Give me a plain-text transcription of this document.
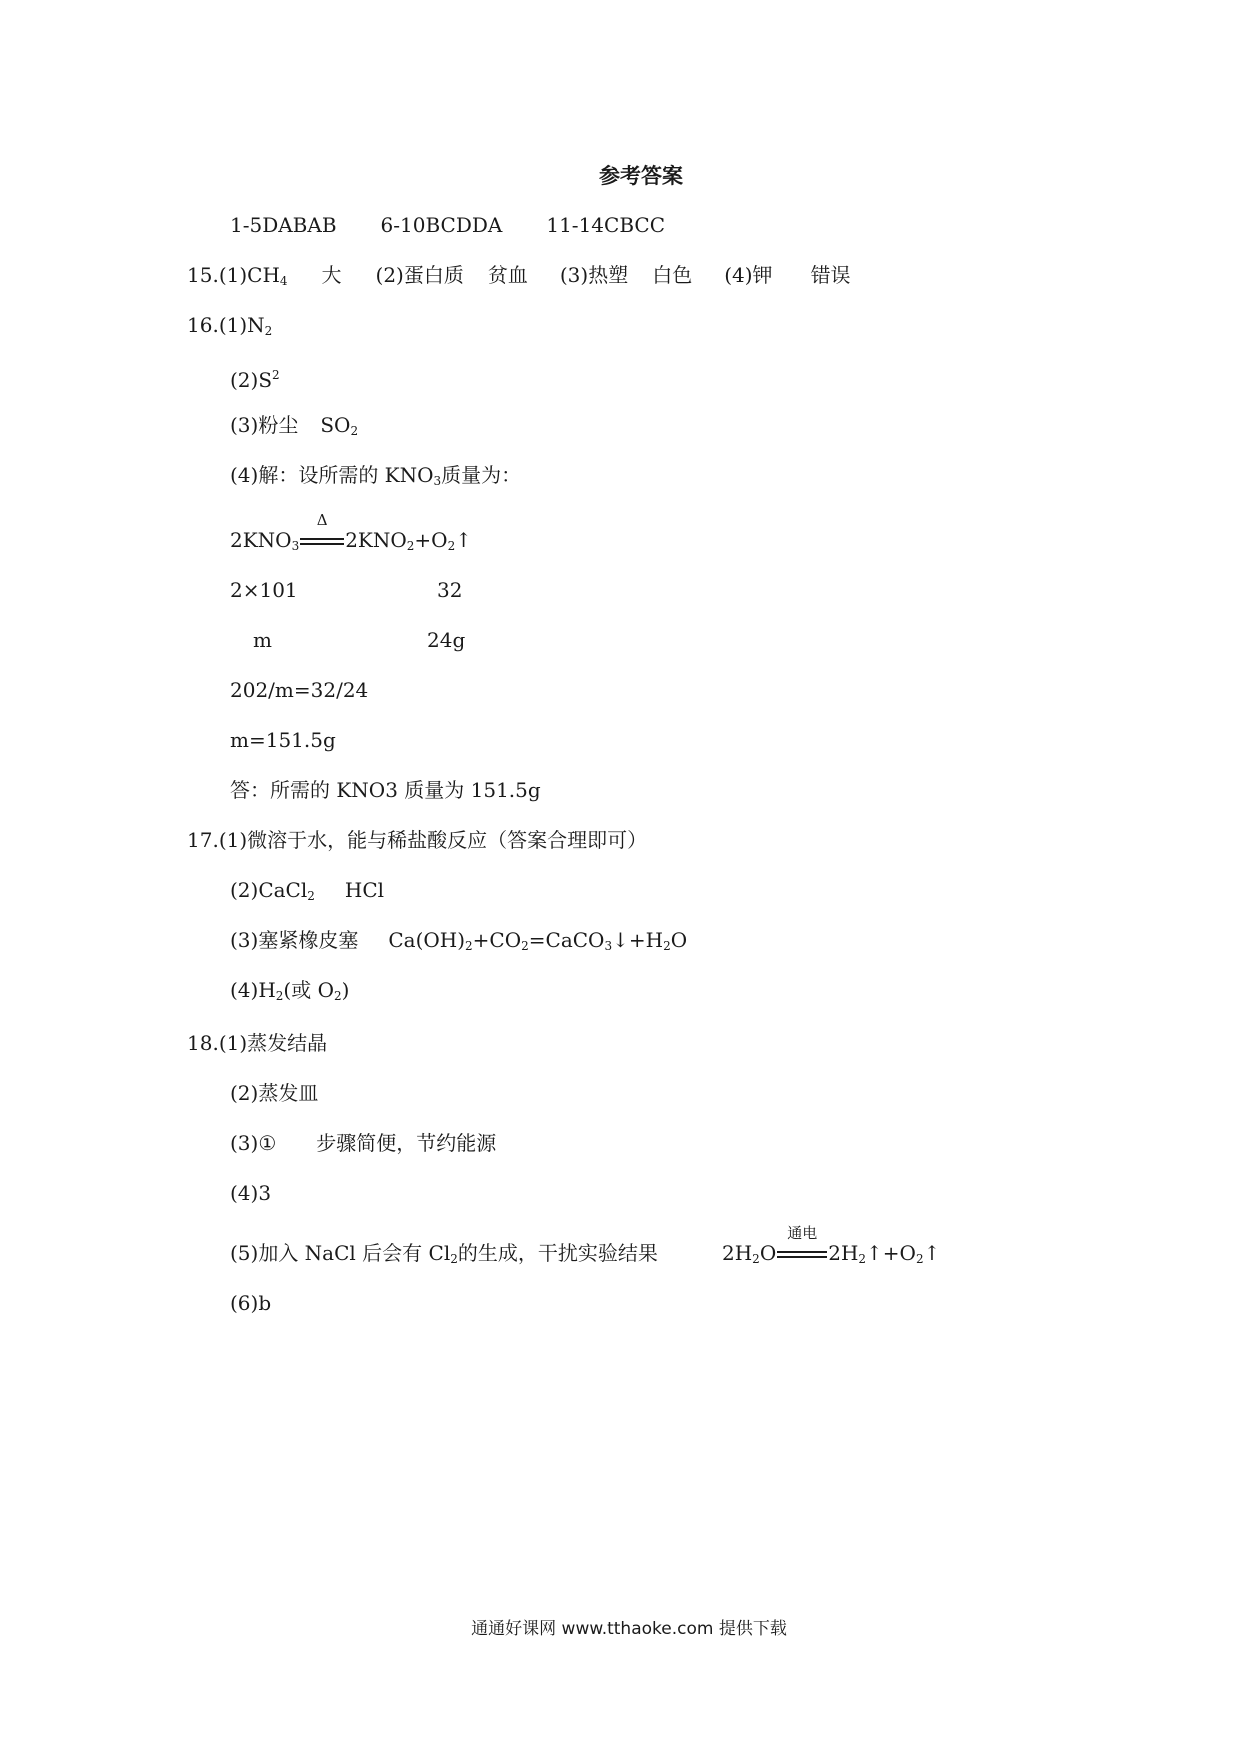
参考答案
1-5DABAB 6-10BCDDA 11-14CBCC
$15.(1)CH_4$ 大 (2)蛋白质 贫血 (3)热塑 白色 (4)钾 错误
$16.(1)N_2$
$(2)S^2$
(3)粉尘 $SO_2$
(4)解：设所需的 $KNO_3$质量为：
$2KNO_3$
Δ
$2KNO_2+O_2↑$
2×101	32
m	24g
202/m=32/24
m=151.5g
答：所需的 KNO3 质量为 151.5g
17.(1)微溶于水，能与稀盐酸反应（答案合理即可）
(2)CaCl$_2$ HCl
(3)塞紧橡皮塞 $Ca(OH)_2+CO_2=CaCO_3↓+H_2O$
$(4)H_2$(或 $O_2$)
18.(1)蒸发结晶
(2)蒸发皿
(3)① 步骤简便，节约能源
(4)3
(5)加入 NaCl 后会有 $Cl_2$的生成，干扰实验结果	$2H_2O$
通电
$2H_2↑+O_2↑$
(6)b
通通好课网 www.tthaoke.com 提供下载
